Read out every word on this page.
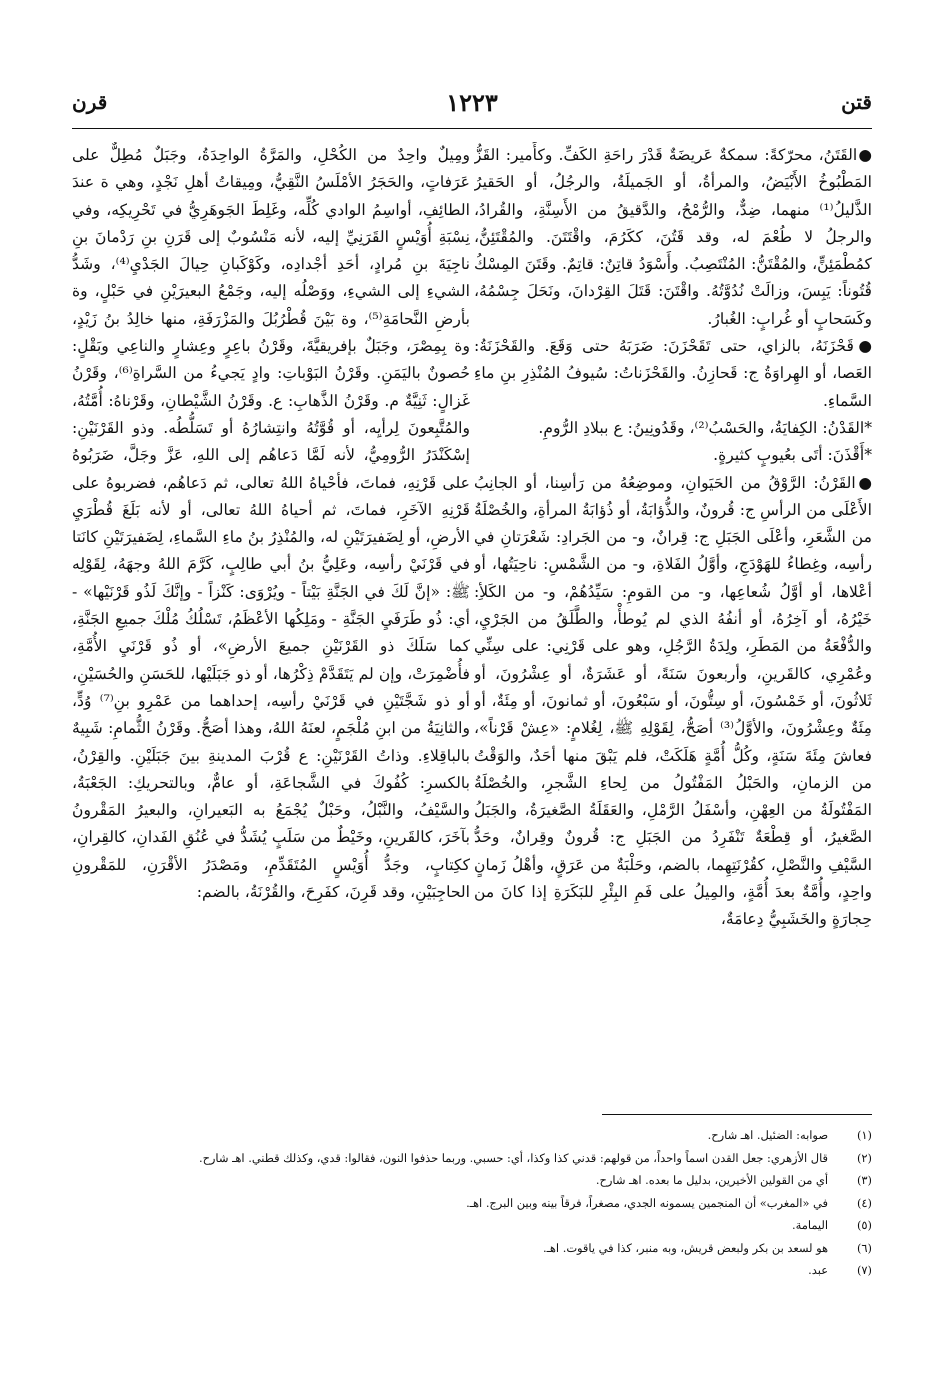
قتن
١٢٢٣
قرن

●القَتَنُ، محرّكةً: سمكةٌ عَريضَةٌ قَدْرَ راحَةِ الكَفِّ. وكأَمير: القَزُّ المَطْبُوخُ الأَبْيَضُ، والمرأةُ، أو الجَميلَةُ، والرجُلُ، أو الحَقيرُ الذَّليلُ⁽¹⁾ منهما، ضِدٌّ، والرُّمْحُ، والدَّقيقُ من الأَسِنَّةِ، والقُرادُ، والرجلُ لا طُعْمَ له، وقد قَتُنَ، ككَرُمَ، واقْتَتَنَ. والمُقْتَئِنُّ، كمُطْمَئِنٍّ، والمُقْتَنُّ: المُنْتَصِبُ. وأَسْوَدُ قاتِنٌ: قاتِمٌ. وقَتَنَ المِسْكُ قُتُوناً: يَبِسَ، وزالَتْ نُدُوَّتُهُ. واقْتَنَ: قَتَلَ القِرْدانَ، ونَحَلَ جِسْمُهُ، وكَسَحابٍ أو غُرابٍ: الغُبارُ.

●قَحْزَنَهُ، بالزاي، حتى تَقَحْزَنَ: ضَرَبَهُ حتى وَقَعَ. والقَحْزَنَةُ: العَصا، أو الهِراوَةُ ج: قَحازِنُ. والقَحْزَناتُ: سُيوفُ المُنْذِرِ بنِ ماءِ السَّماءِ.

*القَدْنُ: الكِفايَةُ، والحَسْبُ⁽²⁾، وقَدُونِينُ: ع ببلادِ الرُّومِ.

*أَقْذَنَ: أتَى بعُيوبٍ كثيرةٍ.

●القَرْنُ: الرَّوْقُ من الحَيَوانِ، وموضِعُهُ من رَأسِنا، أو الجانِبُ الأَعْلَى من الرأسِ ج: قُرونٌ، والذُّؤابَةُ، أو ذُؤابَةُ المرأةِ، والخُصْلَةُ من الشَّعَرِ، وأعْلَى الجَبَلِ ج: قِرانٌ، و- من الجَرادِ: شَعْرَتانِ في رأسِه، وغِطاءُ للهَوْدَجِ، وأوَّلُ الفَلاةِ، و- من الشَّمْسِ: ناحِيَتُها، أو أعْلاها، أو أوَّلُ شُعاعِها، و- من القومِ: سَيِّدُهُمْ، و- من الكَلأِ: خَيْرُهُ، أو آخِرُهُ، أو أنفُهُ الذي لم يُوطأْ، والطَّلَقُ من الجَرْيِ، والدُّفْعَةُ من المَطَرِ، ولِدَةُ الرَّجُلِ، وهو على قَرْنِي: على سِنِّي وعُمْرِي، كالقَرينِ، وأربعونَ سَنَةً، أو عَشَرَةٌ، أو عِشْرُونَ، أو ثَلاثُونَ، أو خَمْسُونَ، أو سِتُّونَ، أو سَبْعُونَ، أو ثمانونَ، أو مِئَةٌ، أو مِئَةٌ وعِشْرُونَ، والأوَّلُ⁽³⁾ أصَحُّ، لِقَوْلِهِ ﷺ، لِغُلامٍ: «عِشْ قَرْناً»، فعاشَ مِئَةَ سَنَةٍ، وكُلُّ أُمَّةٍ هَلَكَتْ، فلم يَبْقَ منها أحَدٌ، والوَقْتُ من الزمانِ، والحَبْلُ المَفْتُولُ من لِحاءِ الشَّجرِ، والخُصْلَةُ المَفْتُولَةُ من العِهْنِ، وأسْفَلُ الرَّمْلِ، والعَقَلَةُ الصَّغيرَةُ، والجَبَلُ الصَّغيرُ، أو قِطْعَةٌ تَنْفَرِدُ من الجَبَلِ ج: قُرونٌ وقِرانٌ، وحَدُّ السَّيْفِ والنَّصْلِ، كقُرْنَتِهِما، بالضم، وحَلْبَةٌ من عَرَقٍ، وأهْلُ زَمانٍ واحِدٍ، وأُمَّةٌ بعدَ أُمَّةٍ، والمِيلُ على فَمِ البِئْرِ للبَكَرَةِ إذا كانَ من حِجارَةٍ والخَشَبِيُّ دِعامَةٌ،

ومِيلٌ واحِدٌ من الكُحْلِ، والمَرَّةُ الواحِدَةُ، وجَبَلٌ مُطِلٌّ على عَرَفاتٍ، والحَجَرُ الأمْلَسُ النَّقِيُّ، ومِيقاتُ أهلِ نَجْدٍ، وهي ة عندَ الطائِفِ، أواسِمُ الوادي كُلِّه، وغَلِطَ الجَوهَرِيُّ في تَحْرِيكِه، وفي نِسْبَةِ أُوَيْسٍ القَرَنِيِّ إليه، لأنه مَنْسُوبٌ إلى قَرَنِ بنِ رَدْمانَ بنِ ناجِيَةَ بنِ مُرادٍ، أحَدِ أجْدادِه، وكَوْكَبانِ حِيالَ الجَدْيِ⁽⁴⁾، وشَدُّ الشيءِ إلى الشيءِ، ووَصْلُه إليه، وجَمْعُ البعيرَيْنِ في حَبْلٍ، وة بأرضِ النَّحامَةِ⁽⁵⁾، وة بَيْنَ قُطْرُبُلَ والمَزْرَفَةِ، منها خالِدُ بنُ زَيْدٍ، وة بِمِصْرَ، وجَبَلٌ بإفريقيَّةَ، وقَرْنُ باعِرٍ وعِشارٍ والناعِي وبَقْلٍ: حُصونٌ باليَمَنِ. وقَرْنُ البَوْباتِ: وادٍ يَجيءُ من السَّراةِ⁽⁶⁾، وقَرْنُ غَزالٍ: ثَنِيَّةٌ م. وقَرْنُ الذَّهابِ: ع. وقَرْنُ الشَّيْطانِ، وقَرْناهُ: أُمَّتُهُ، والمُتَّبِعونَ لِرأيِه، أو قُوَّتُهُ وانتِشارُهُ أو تَسَلُّطُه. وذو القَرْنَيْنِ: إسْكَنْدَرُ الرُّومِيُّ، لأنه لَمَّا دَعاهُم إلى اللهِ، عَزَّ وجَلَّ، ضَرَبُوهُ على قَرْنِهِ، فماتَ، فأحْياهُ اللهُ تعالى، ثم دَعاهُم، فضربوهُ على قَرْنِهِ الآخَرِ، فماتَ، ثم أحياهُ اللهُ تعالى، أو لأنه بَلَغَ قُطْرَيِ الأرضِ، أو لِضَفيرَتَيْنِ له، والمُنْذِرُ بنُ ماءِ السَّماءِ، لِضَفيرَتَيْنِ كانَتا في قَرْنَيْ رأسِه، وعَلِيُّ بنُ أبي طالِبٍ، كَرَّمَ اللهُ وجهَهُ، لِقَوْلِه ﷺ: «إنَّ لَكَ في الجَنَّةِ بَيْتاً - ويُرْوَى: كَنْزاً - وإنَّكَ لَذُو قَرْنَيْها» - أي: ذُو طَرَفَيِ الجَنَّةِ - ومَلِكُها الأعْظَمُ، تَسْلُكُ مُلْكَ جميعِ الجَنَّةِ، كما سَلَكَ ذو القَرْنَيْنِ جميعَ الأرضِ»، أو ذُو قَرْنَيِ الأُمَّةِ، فأُضْمِرَتْ، وإن لم يَتَقَدَّمْ ذِكْرُها، أو ذو جَبَلَيْها، للحَسَنِ والحُسَيْنِ، أو ذو شَجَّتَيْنِ في قَرْنَيْ رأسِه، إحداهما من عَمْرِو بنِ⁽⁷⁾ وُدٍّ، والثانِيَةُ من ابنِ مُلْجَمٍ، لعنَهُ اللهُ، وهذا أصَحُّ. وقَرْنُ الثُّمامِ: شَبِيهٌ بالباقِلاءِ. وذاتُ القَرْنَيْنِ: ع قُرْبَ المدينةِ بينَ جَبَلَيْنِ. والقِرْنُ، بالكسرِ: كُفُوكَ في الشَّجاعَةِ، أو عامٌّ، وبالتحريكِ: الجَعْبَةُ، والسَّيْفُ، والنَّبْلُ، وحَبْلٌ يُجْمَعُ به البَعيرانِ، والبعيرُ المَقْرونُ بآخَرَ، كالقَرينِ، وخَيْطٌ من سَلَبٍ يُشَدُّ في عُنُقِ الفَدانِ، كالقِرانِ، ككِتابٍ، وجَدُّ أُوَيْسٍ المُتَقَدِّمِ، ومَصْدَرُ الأقْرَنِ، للمَقْرونِ الحاجِبَيْنِ، وقد قَرِنَ، كفَرِحَ، والقُرْنَةُ، بالضم:

(١)صوابه: الضئيل. اهـ شارح.
(٢)قال الأزهري: جعل القدن اسماً واحداً، من قولهم: قدني كذا وكذا، أي: حسبي. وربما حذفوا النون، فقالوا: قدي، وكذلك قطني. اهـ شارح.
(٣)أي من القولين الأخيرين، بدليل ما بعده. اهـ شارح.
(٤)في «المغرب» أن المنجمين يسمونه الجدي، مصغراً، فرقاً بينه وبين البرج. اهـ.
(٥)اليمامة.
(٦)هو لسعد بن بكر ولبعض قريش، وبه منبر، كذا في ياقوت. اهـ.
(٧)عبد.
